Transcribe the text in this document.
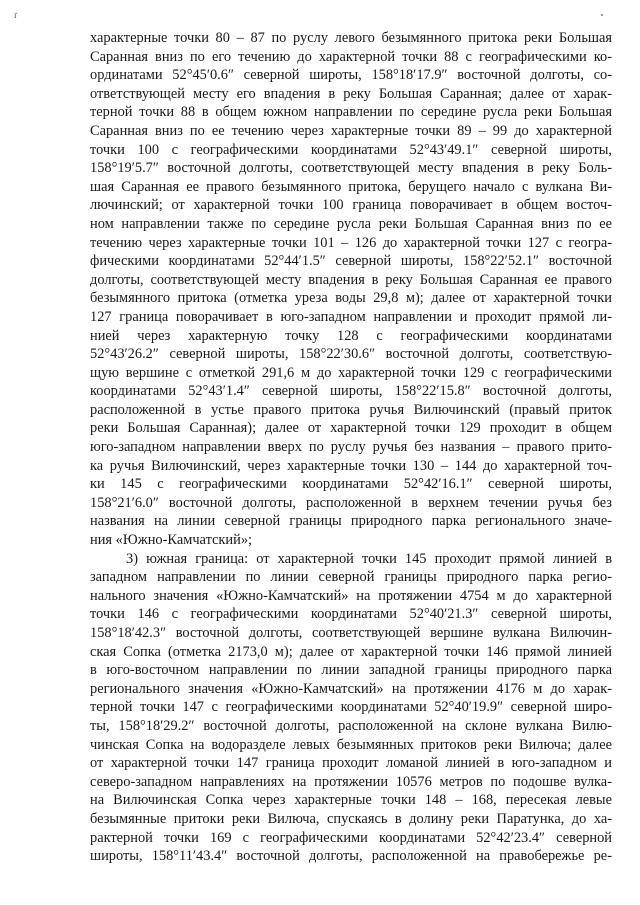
ґ
характерные точки 80 – 87 по руслу левого безымянного притока реки Большая
Саранная вниз по его течению до характерной точки 88 с географическими ко-
ординатами 52°45′0.6″ северной широты, 158°18′17.9″ восточной долготы, со-
ответствующей месту его впадения в реку Большая Саранная; далее от харак-
терной точки 88 в общем южном направлении по середине русла реки Большая
Саранная вниз по ее течению через характерные точки 89 – 99 до характерной
точки 100 с географическими координатами 52°43′49.1″ северной широты,
158°19′5.7″ восточной долготы, соответствующей месту впадения в реку Боль-
шая Саранная ее правого безымянного притока, берущего начало с вулкана Ви-
лючинский; от характерной точки 100 граница поворачивает в общем восточ-
ном направлении также по середине русла реки Большая Саранная вниз по ее
течению через характерные точки 101 – 126 до характерной точки 127 с геогра-
фическими координатами 52°44′1.5″ северной широты, 158°22′52.1″ восточной
долготы, соответствующей месту впадения в реку Большая Саранная ее правого
безымянного притока (отметка уреза воды 29,8 м); далее от характерной точки
127 граница поворачивает в юго-западном направлении и проходит прямой ли-
нией через характерную точку 128 с географическими координатами
52°43′26.2″ северной широты, 158°22′30.6″ восточной долготы, соответствую-
щую вершине с отметкой 291,6 м до характерной точки 129 с географическими
координатами 52°43′1.4″ северной широты, 158°22′15.8″ восточной долготы,
расположенной в устье правого притока ручья Вилючинский (правый приток
реки Большая Саранная); далее от характерной точки 129 проходит в общем
юго-западном направлении вверх по руслу ручья без названия – правого прито-
ка ручья Вилючинский, через характерные точки 130 – 144 до характерной точ-
ки 145 с географическими координатами 52°42′16.1″ северной широты,
158°21′6.0″ восточной долготы, расположенной в верхнем течении ручья без
названия на линии северной границы природного парка регионального значе-
ния «Южно-Камчатский»;
3) южная граница: от характерной точки 145 проходит прямой линией в
западном направлении по линии северной границы природного парка регио-
нального значения «Южно-Камчатский» на протяжении 4754 м до характерной
точки 146 с географическими координатами 52°40′21.3″ северной широты,
158°18′42.3″ восточной долготы, соответствующей вершине вулкана Вилючин-
ская Сопка (отметка 2173,0 м); далее от характерной точки 146 прямой линией
в юго-восточном направлении по линии западной границы природного парка
регионального значения «Южно-Камчатский» на протяжении 4176 м до харак-
терной точки 147 с географическими координатами 52°40′19.9″ северной широ-
ты, 158°18′29.2″ восточной долготы, расположенной на склоне вулкана Вилю-
чинская Сопка на водоразделе левых безымянных притоков реки Вилюча; далее
от характерной точки 147 граница проходит ломаной линией в юго-западном и
северо-западном направлениях на протяжении 10576 метров по подошве вулка-
на Вилючинская Сопка через характерные точки 148 – 168, пересекая левые
безымянные притоки реки Вилюча, спускаясь в долину реки Паратунка, до ха-
рактерной точки 169 с географическими координатами 52°42′23.4″ северной
широты, 158°11′43.4″ восточной долготы, расположенной на правобережье ре-
